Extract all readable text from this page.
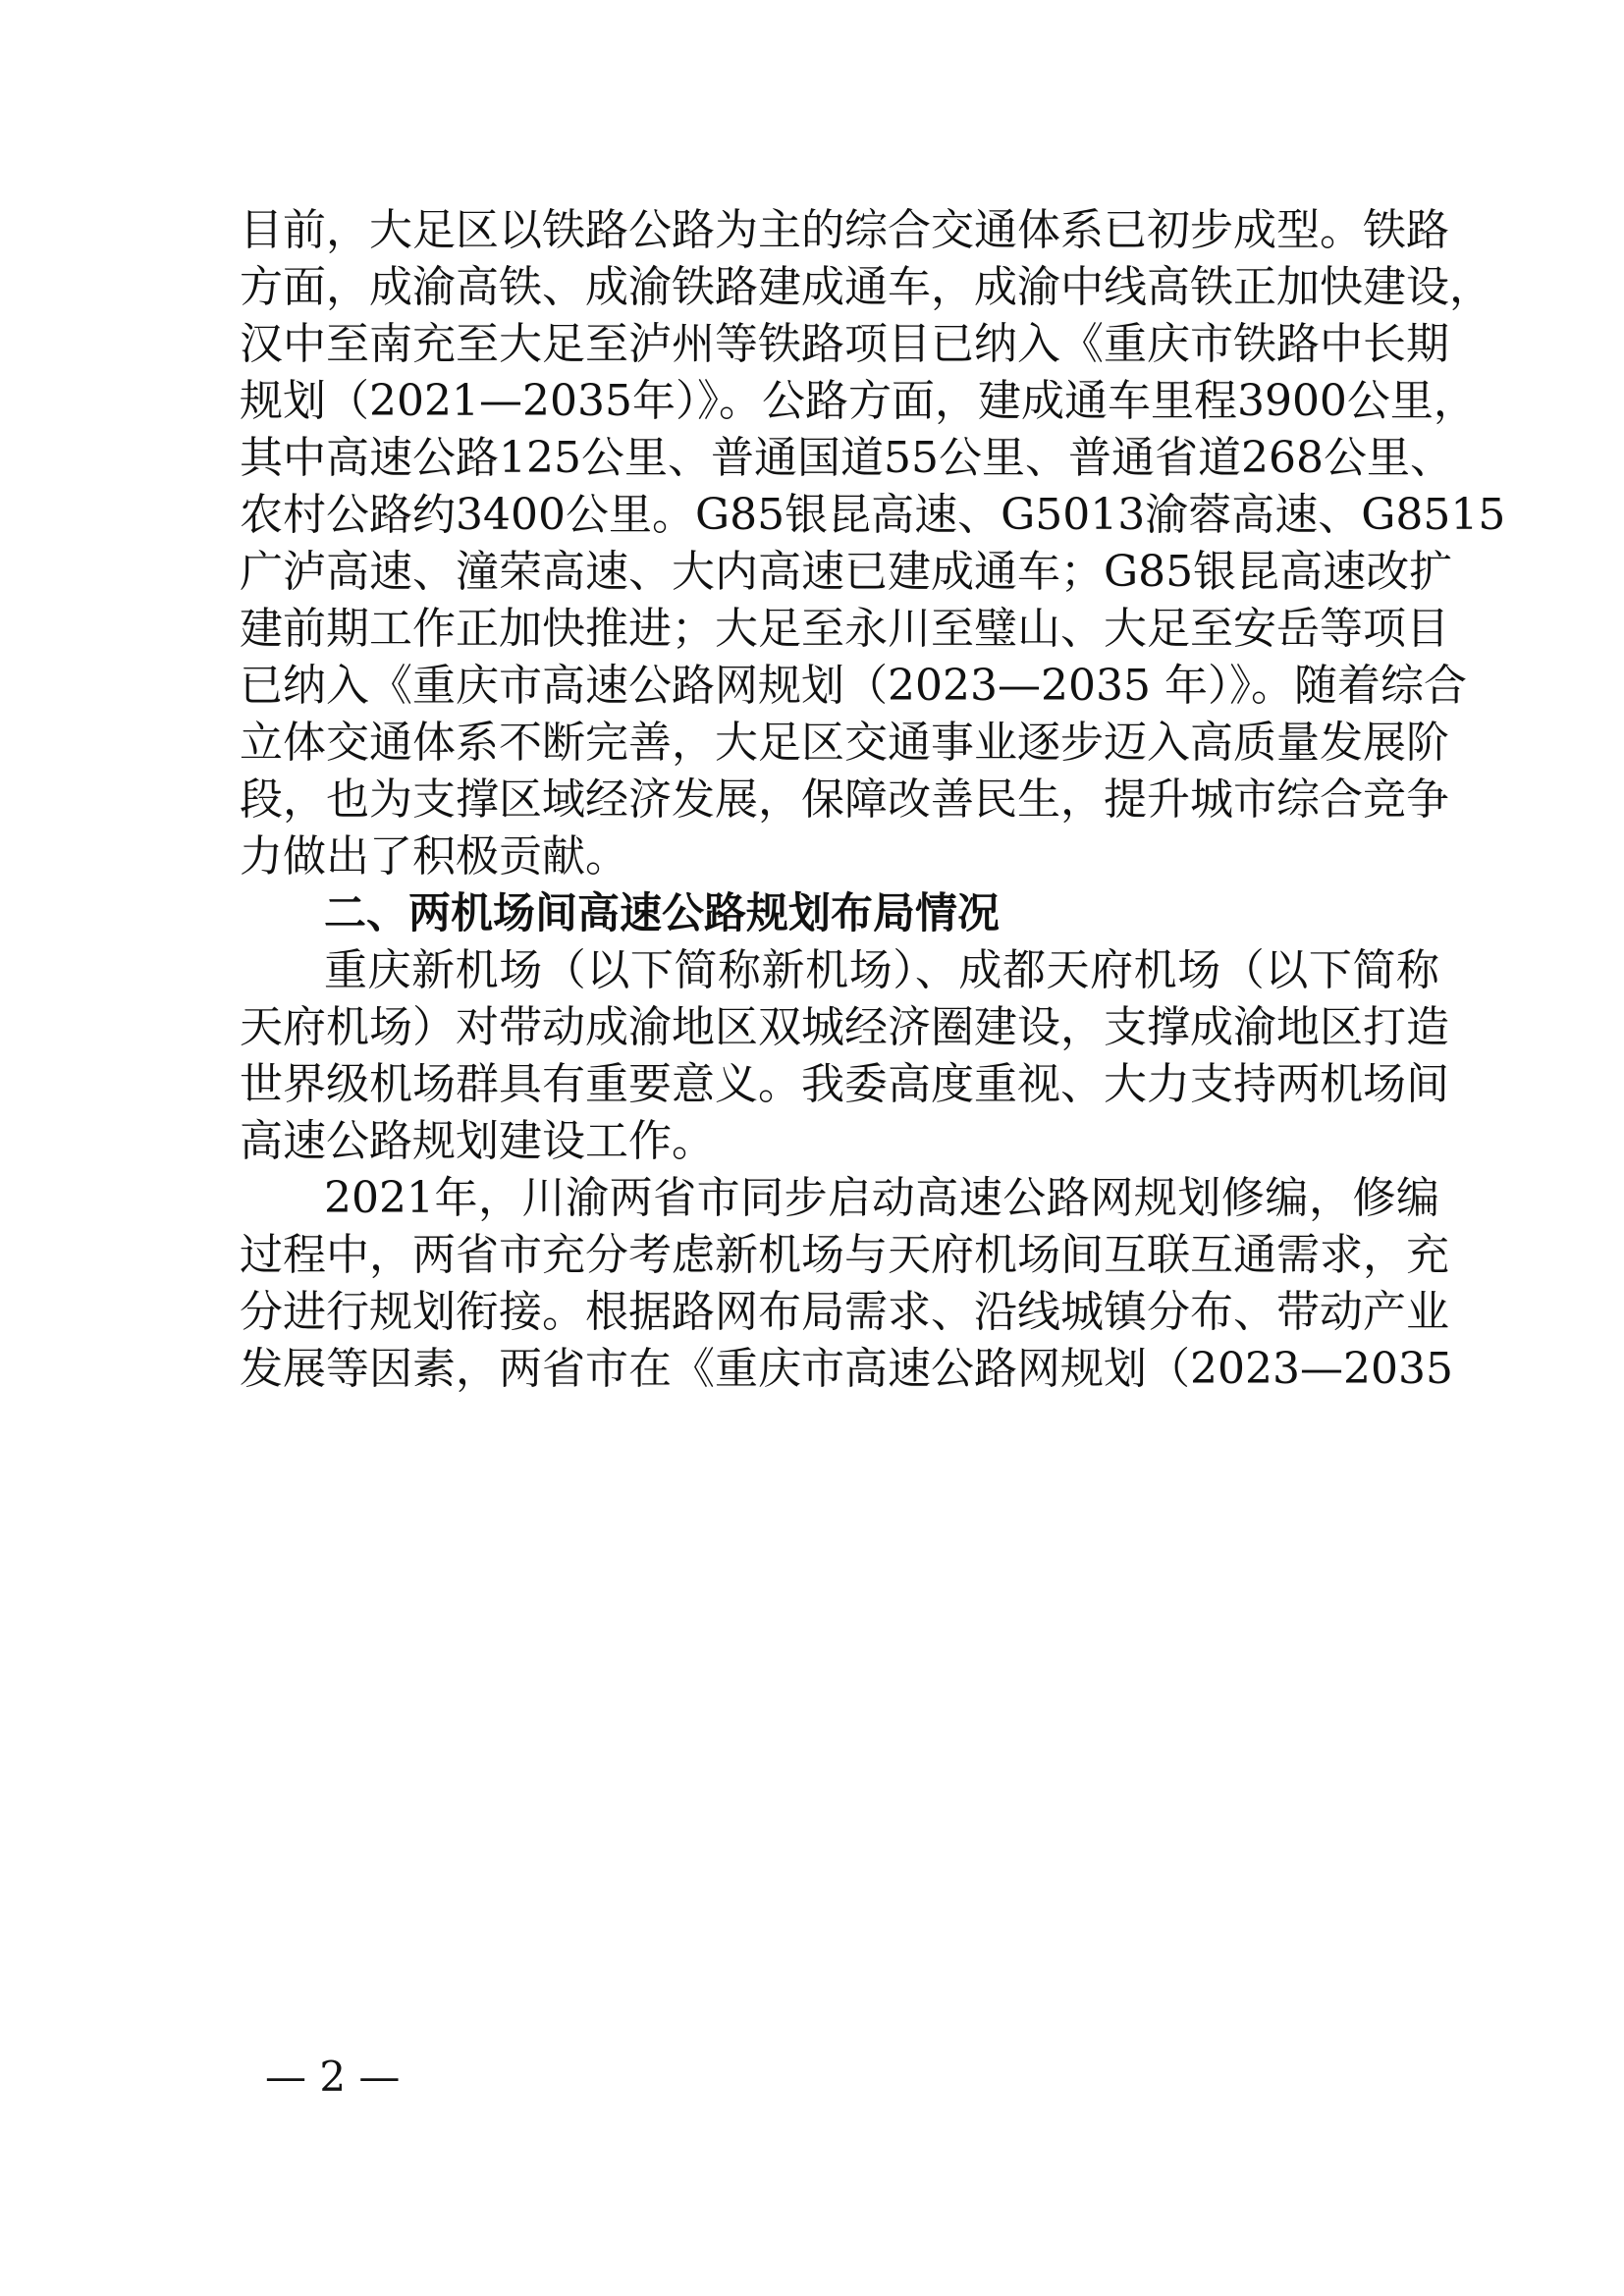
目前，大足区以铁路公路为主的综合交通体系已初步成型。铁路
方面，成渝高铁、成渝铁路建成通车，成渝中线高铁正加快建设，
汉中至南充至大足至泸州等铁路项目已纳入《重庆市铁路中长期
规划（2021—2035年）》。公路方面，建成通车里程3900公里，
其中高速公路125公里、普通国道55公里、普通省道268公里、
农村公路约3400公里。G85银昆高速、G5013渝蓉高速、G8515
广泸高速、潼荣高速、大内高速已建成通车；G85银昆高速改扩
建前期工作正加快推进；大足至永川至璧山、大足至安岳等项目
已纳入《重庆市高速公路网规划（2023—2035 年）》。随着综合
立体交通体系不断完善，大足区交通事业逐步迈入高质量发展阶
段，也为支撑区域经济发展，保障改善民生，提升城市综合竞争
力做出了积极贡献。
二、两机场间高速公路规划布局情况
重庆新机场（以下简称新机场）、成都天府机场（以下简称
天府机场）对带动成渝地区双城经济圈建设，支撑成渝地区打造
世界级机场群具有重要意义。我委高度重视、大力支持两机场间
高速公路规划建设工作。
2021年，川渝两省市同步启动高速公路网规划修编，修编
过程中，两省市充分考虑新机场与天府机场间互联互通需求，充
分进行规划衔接。根据路网布局需求、沿线城镇分布、带动产业
发展等因素，两省市在《重庆市高速公路网规划（2023—2035
— 2 —
